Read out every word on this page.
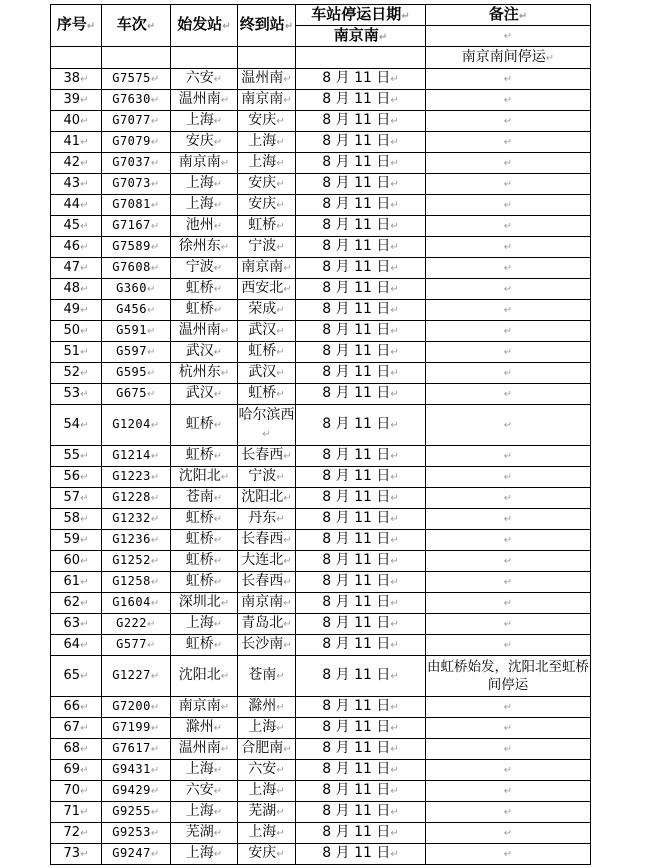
序号↵	车次↵	始发站↵	终到站↵	车站停运日期↵	备注↵
				南京南↵	↵
					南京南间停运↵
38↵	G7575↵	六安↵	温州南↵	8 月 11 日↵	↵
39↵	G7630↵	温州南↵	南京南↵	8 月 11 日↵	↵
40↵	G7077↵	上海↵	安庆↵	8 月 11 日↵	↵
41↵	G7079↵	安庆↵	上海↵	8 月 11 日↵	↵
42↵	G7037↵	南京南↵	上海↵	8 月 11 日↵	↵
43↵	G7073↵	上海↵	安庆↵	8 月 11 日↵	↵
44↵	G7081↵	上海↵	安庆↵	8 月 11 日↵	↵
45↵	G7167↵	池州↵	虹桥↵	8 月 11 日↵	↵
46↵	G7589↵	徐州东↵	宁波↵	8 月 11 日↵	↵
47↵	G7608↵	宁波↵	南京南↵	8 月 11 日↵	↵
48↵	G360↵	虹桥↵	西安北↵	8 月 11 日↵	↵
49↵	G456↵	虹桥↵	荣成↵	8 月 11 日↵	↵
50↵	G591↵	温州南↵	武汉↵	8 月 11 日↵	↵
51↵	G597↵	武汉↵	虹桥↵	8 月 11 日↵	↵
52↵	G595↵	杭州东↵	武汉↵	8 月 11 日↵	↵
53↵	G675↵	武汉↵	虹桥↵	8 月 11 日↵	↵
54↵	G1204↵	虹桥↵	哈尔滨西↵	8 月 11 日↵	↵
55↵	G1214↵	虹桥↵	长春西↵	8 月 11 日↵	↵
56↵	G1223↵	沈阳北↵	宁波↵	8 月 11 日↵	↵
57↵	G1228↵	苍南↵	沈阳北↵	8 月 11 日↵	↵
58↵	G1232↵	虹桥↵	丹东↵	8 月 11 日↵	↵
59↵	G1236↵	虹桥↵	长春西↵	8 月 11 日↵	↵
60↵	G1252↵	虹桥↵	大连北↵	8 月 11 日↵	↵
61↵	G1258↵	虹桥↵	长春西↵	8 月 11 日↵	↵
62↵	G1604↵	深圳北↵	南京南↵	8 月 11 日↵	↵
63↵	G222↵	上海↵	青岛北↵	8 月 11 日↵	↵
64↵	G577↵	虹桥↵	长沙南↵	8 月 11 日↵	↵
65↵	G1227↵	沈阳北↵	苍南↵	8 月 11 日↵	由虹桥始发，沈阳北至虹桥间停运
66↵	G7200↵	南京南↵	滁州↵	8 月 11 日↵	↵
67↵	G7199↵	滁州↵	上海↵	8 月 11 日↵	↵
68↵	G7617↵	温州南↵	合肥南↵	8 月 11 日↵	↵
69↵	G9431↵	上海↵	六安↵	8 月 11 日↵	↵
70↵	G9429↵	六安↵	上海↵	8 月 11 日↵	↵
71↵	G9255↵	上海↵	芜湖↵	8 月 11 日↵	↵
72↵	G9253↵	芜湖↵	上海↵	8 月 11 日↵	↵
73↵	G9247↵	上海↵	安庆↵	8 月 11 日↵	↵
